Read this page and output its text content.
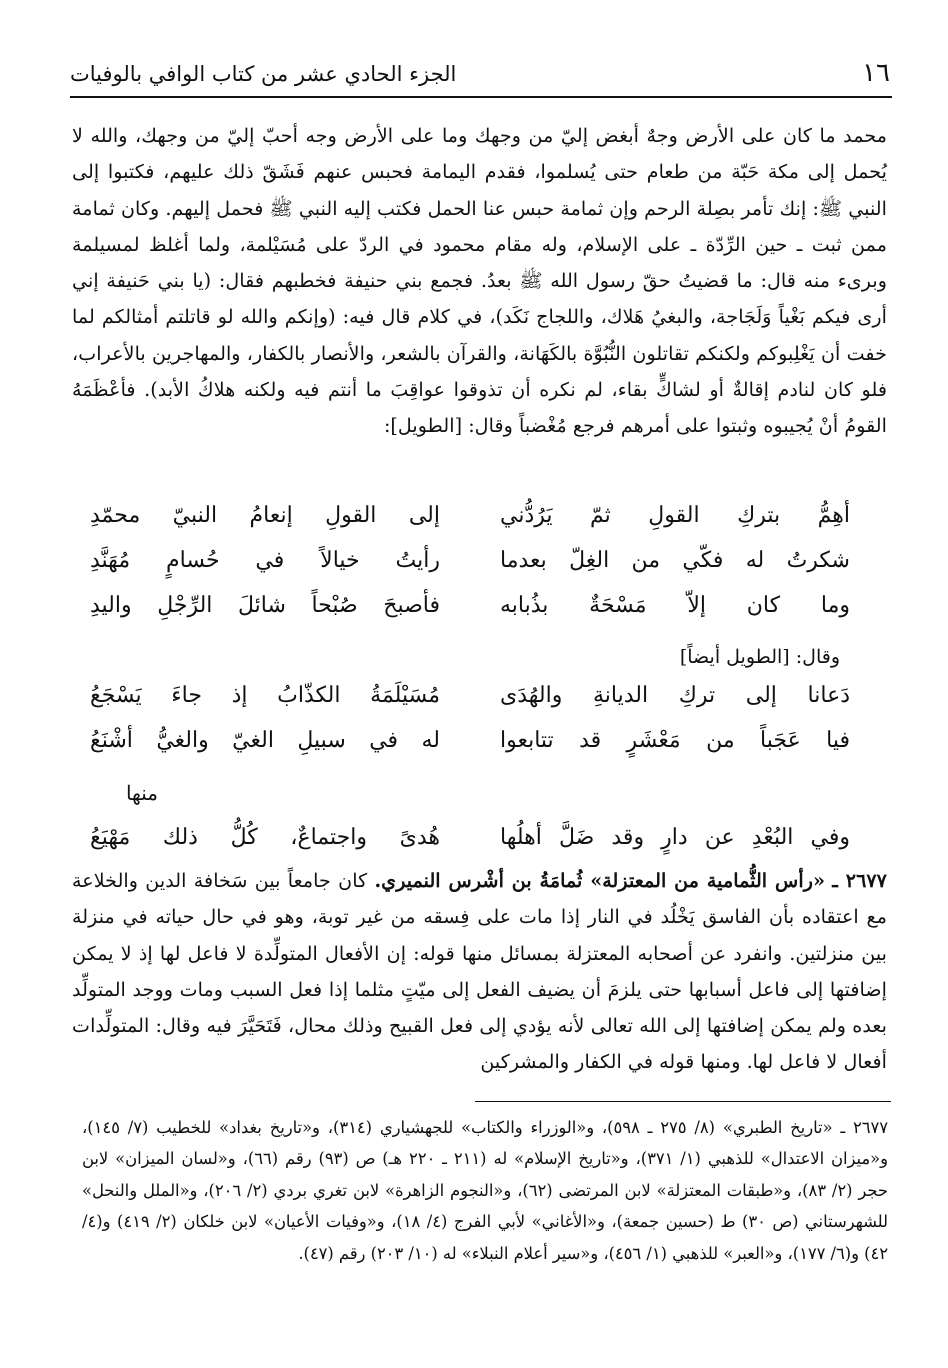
١٦
الجزء الحادي عشر من كتاب الوافي بالوفيات

محمد ما كان على الأرض وجهٌ أبغض إليّ من وجهك وما على الأرض وجه أحبّ إليّ من وجهك، والله لا يُحمل إلى مكة حَبّة من طعام حتى يُسلموا، فقدم اليمامة فحبس عنهم فَشَقّ ذلك عليهم، فكتبوا إلى النبي ﷺ: إنك تأمر بصِلة الرحم وإن ثمامة حبس عنا الحمل فكتب إليه النبي ﷺ فحمل إليهم. وكان ثمامة ممن ثبت ـ حين الرِّدّة ـ على الإسلام، وله مقام محمود في الردّ على مُسَيْلمة، ولما أغلظ لمسيلمة وبرىء منه قال: ما قضيتُ حقّ رسول الله ﷺ بعدُ. فجمع بني حنيفة فخطبهم فقال: (يا بني حَنيفة إني أرى فيكم بَغْياً وَلَجَاجة، والبغيُ هَلاك، واللجاج نَكَد)، في كلام قال فيه: (وإنكم والله لو قاتلتم أمثالكم لما خفت أن يَغْلِبوكم ولكنكم تقاتلون النُّبُوَّة بالكَهَانة، والقرآن بالشعر، والأنصار بالكفار، والمهاجرين بالأعراب، فلو كان لنادم إقالةٌ أو لشاكٍّ بقاء، لم نكره أن تذوقوا عواقِبَ ما أنتم فيه ولكنه هلاكُ الأبد). فأعْظَمَهُ القومُ أنْ يُجيبوه وثبتوا على أمرهم فرجع مُغْضباً وقال: [الطويل]:

أهِمُّ بتركِ القولِ ثمّ يَرُدُّني
إلى القولِ إنعامُ النبيّ محمّدِ
شكرتُ له فكّي من الغِلّ بعدما
رأيتُ خيالاً في حُسامٍ مُهَنَّدِ
وما كان إلاّ مَسْحَةٌ بذُبابه
فأصبحَ صُبْحاً شائلَ الرِّجْلِ واليدِ
وقال: [الطويل أيضاً]
دَعانا إلى تركِ الديانةِ والهُدَى
مُسَيْلَمَةُ الكذّابُ إذ جاءَ يَسْجَعُ
فيا عَجَباً من مَعْشَرٍ قد تتابعوا
له في سبيلِ الغيّ والغيُّ أشْنَعُ
منها
وفي البُعْدِ عن دارٍ وقد ضَلَّ أهلُها
هُدىً واجتماعٌ، كُلُّ ذلك مَهْيَعُ

٢٦٧٧ ـ «رأس الثُّمامية من المعتزلة» ثُمامَةُ بن أشْرس النميري. كان جامعاً بين سَخافة الدين والخلاعة مع اعتقاده بأن الفاسق يَخْلُد في النار إذا مات على فِسقه من غير توبة، وهو في حال حياته في منزلة بين منزلتين. وانفرد عن أصحابه المعتزلة بمسائل منها قوله: إن الأفعال المتولِّدة لا فاعل لها إذ لا يمكن إضافتها إلى فاعل أسبابها حتى يلزمَ أن يضيف الفعل إلى ميّتٍ مثلما إذا فعل السبب ومات ووجد المتولِّد بعده ولم يمكن إضافتها إلى الله تعالى لأنه يؤدي إلى فعل القبيح وذلك محال، فَتَحَيَّرَ فيه وقال: المتولِّدات أفعال لا فاعل لها. ومنها قوله في الكفار والمشركين

٢٦٧٧ ـ «تاريخ الطبري» (٨/ ٢٧٥ ـ ٥٩٨)، و«الوزراء والكتاب» للجهشياري (٣١٤)، و«تاريخ بغداد» للخطيب (٧/ ١٤٥)، و«ميزان الاعتدال» للذهبي (١/ ٣٧١)، و«تاريخ الإسلام» له (٢١١ ـ ٢٢٠ هـ) ص (٩٣) رقم (٦٦)، و«لسان الميزان» لابن حجر (٢/ ٨٣)، و«طبقات المعتزلة» لابن المرتضى (٦٢)، و«النجوم الزاهرة» لابن تغري بردي (٢/ ٢٠٦)، و«الملل والنحل» للشهرستاني (ص ٣٠) ط (حسين جمعة)، و«الأغاني» لأبي الفرج (٤/ ١٨)، و«وفيات الأعيان» لابن خلكان (٢/ ٤١٩) و(٤/ ٤٢) و(٦/ ١٧٧)، و«العبر» للذهبي (١/ ٤٥٦)، و«سير أعلام النبلاء» له (١٠/ ٢٠٣) رقم (٤٧).
